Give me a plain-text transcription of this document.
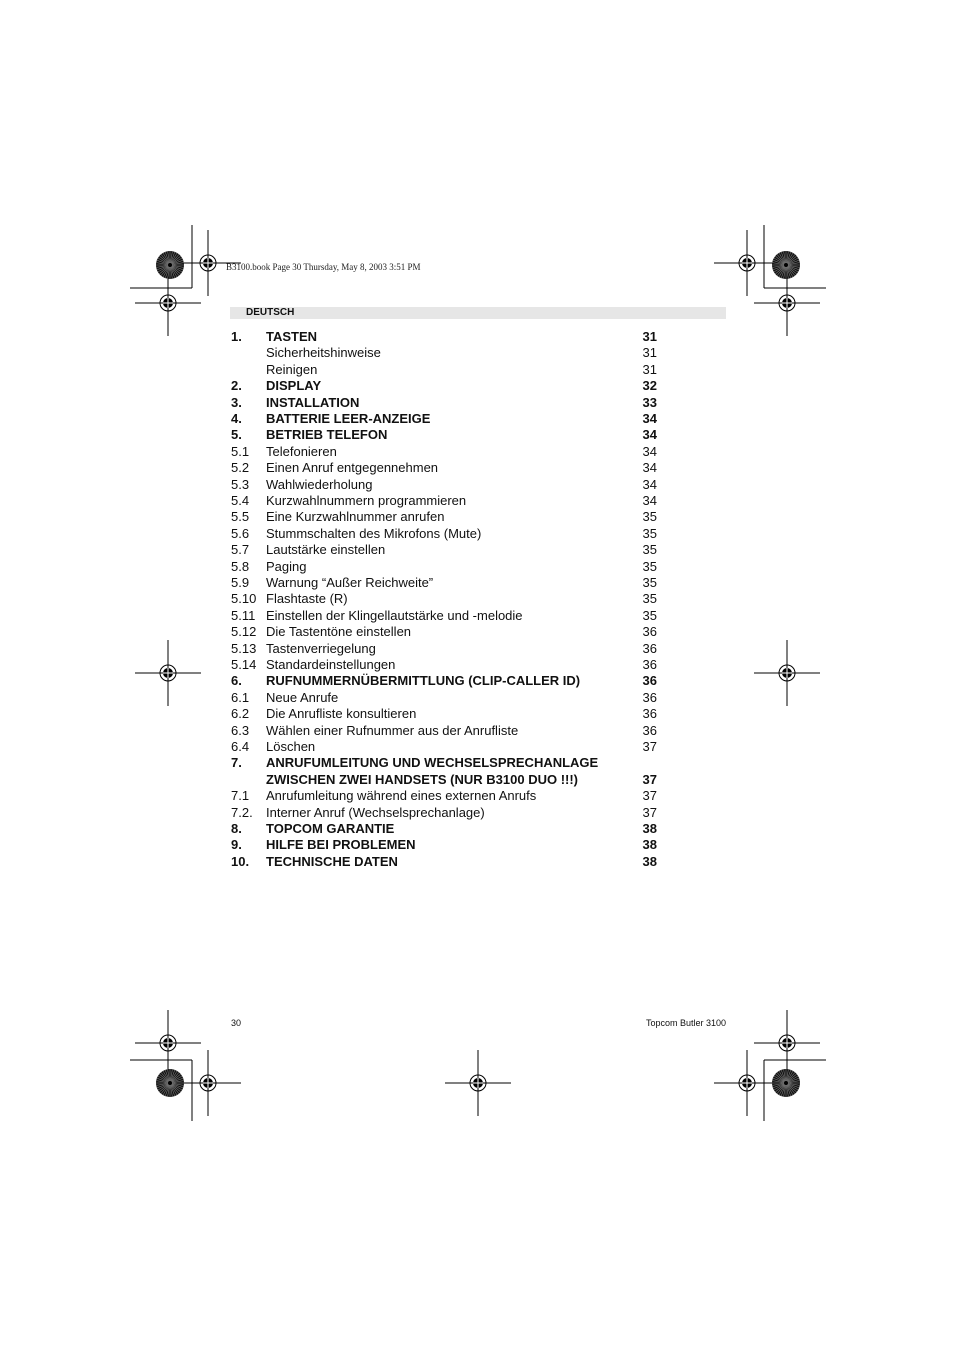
B3100.book Page 30 Thursday, May 8, 2003 3:51 PM
DEUTSCH
1. TASTEN	31
Sicherheitshinweise	31
Reinigen	31
2. DISPLAY	32
3. INSTALLATION	33
4. BATTERIE LEER-ANZEIGE	34
5. BETRIEB TELEFON	34
5.1 Telefonieren	34
5.2 Einen Anruf entgegennehmen	34
5.3 Wahlwiederholung	34
5.4 Kurzwahlnummern programmieren	34
5.5 Eine Kurzwahlnummer anrufen	35
5.6 Stummschalten des Mikrofons (Mute)	35
5.7 Lautstärke einstellen	35
5.8 Paging	35
5.9 Warnung “Außer Reichweite”	35
5.10 Flashtaste (R)	35
5.11 Einstellen der Klingellautstärke und -melodie	35
5.12 Die Tastentöne einstellen	36
5.13 Tastenverriegelung	36
5.14 Standardeinstellungen	36
6. RUFNUMMERNÜBERMITTLUNG (CLIP-CALLER ID)	36
6.1 Neue Anrufe	36
6.2 Die Anrufliste konsultieren	36
6.3 Wählen einer Rufnummer aus der Anrufliste	36
6.4 Löschen	37
7. ANRUFUMLEITUNG UND WECHSELSPRECHANLAGE
ZWISCHEN ZWEI HANDSETS (NUR B3100 DUO !!!)	37
7.1 Anrufumleitung während eines externen Anrufs	37
7.2. Interner Anruf (Wechselsprechanlage)	37
8. TOPCOM GARANTIE	38
9. HILFE BEI PROBLEMEN	38
10. TECHNISCHE DATEN	38
30	Topcom Butler 3100
